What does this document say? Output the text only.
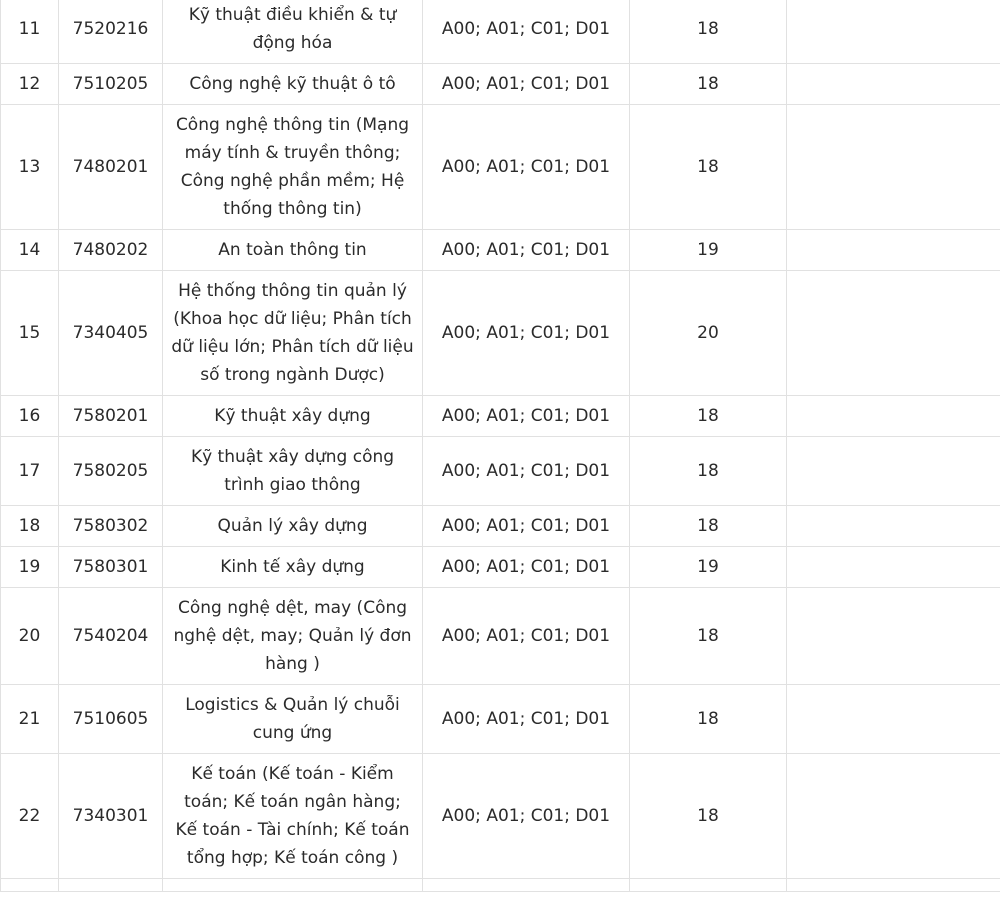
11	7520216	Kỹ thuật điều khiển & tự động hóa	A00; A01; C01; D01	18	
12	7510205	Công nghệ kỹ thuật ô tô	A00; A01; C01; D01	18	
13	7480201	Công nghệ thông tin (Mạng máy tính & truyền thông; Công nghệ phần mềm; Hệ thống thông tin)	A00; A01; C01; D01	18	
14	7480202	An toàn thông tin	A00; A01; C01; D01	19	
15	7340405	Hệ thống thông tin quản lý (Khoa học dữ liệu; Phân tích dữ liệu lớn; Phân tích dữ liệu số trong ngành Dược)	A00; A01; C01; D01	20	
16	7580201	Kỹ thuật xây dựng	A00; A01; C01; D01	18	
17	7580205	Kỹ thuật xây dựng công trình giao thông	A00; A01; C01; D01	18	
18	7580302	Quản lý xây dựng	A00; A01; C01; D01	18	
19	7580301	Kinh tế xây dựng	A00; A01; C01; D01	19	
20	7540204	Công nghệ dệt, may (Công nghệ dệt, may; Quản lý đơn hàng )	A00; A01; C01; D01	18	
21	7510605	Logistics & Quản lý chuỗi cung ứng	A00; A01; C01; D01	18	
22	7340301	Kế toán (Kế toán - Kiểm toán; Kế toán ngân hàng; Kế toán - Tài chính; Kế toán tổng hợp; Kế toán công )	A00; A01; C01; D01	18	
